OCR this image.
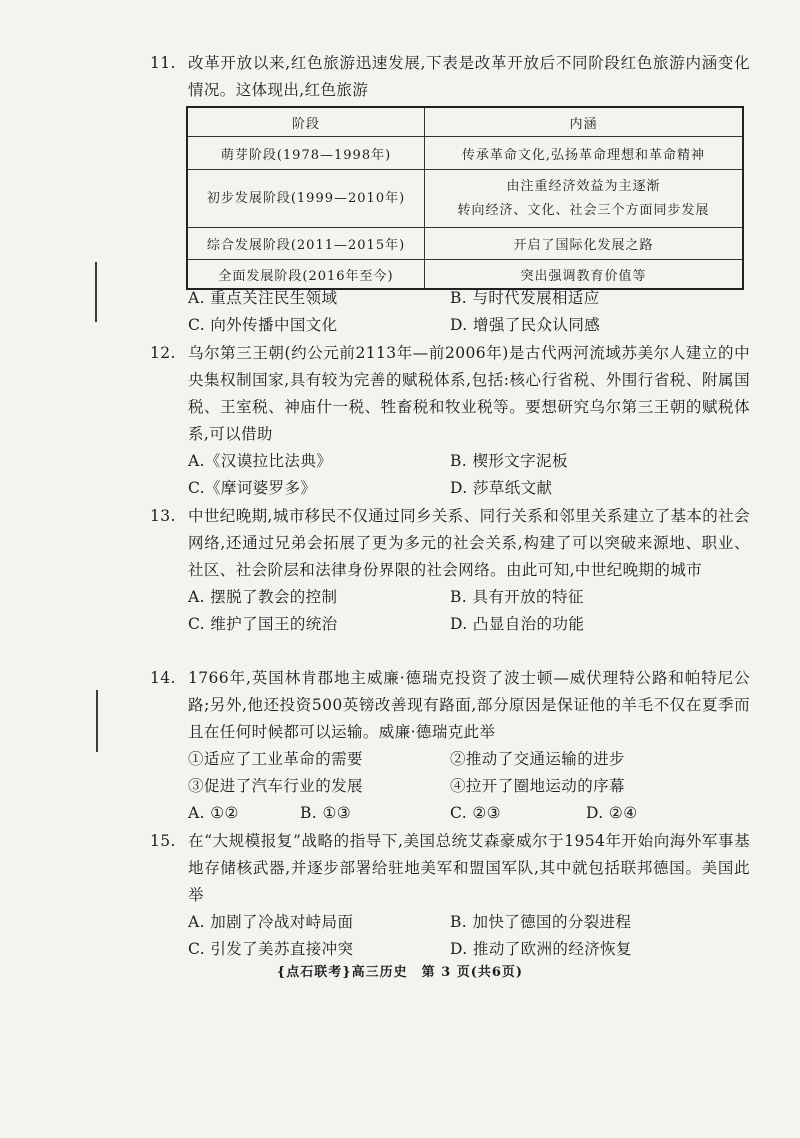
11. 改革开放以来,红色旅游迅速发展,下表是改革开放后不同阶段红色旅游内涵变化情况。这体现出,红色旅游
阶段	内涵
萌芽阶段(1978—1998年)	传承革命文化,弘扬革命理想和革命精神
初步发展阶段(1999—2010年)	由注重经济效益为主逐渐
转向经济、文化、社会三个方面同步发展

综合发展阶段(2011—2015年)	开启了国际化发展之路
全面发展阶段(2016年至今)	突出强调教育价值等
A. 重点关注民生领域	B. 与时代发展相适应
C. 向外传播中国文化	D. 增强了民众认同感
12. 乌尔第三王朝(约公元前2113年—前2006年)是古代两河流域苏美尔人建立的中央集权制国家,具有较为完善的赋税体系,包括:核心行省税、外围行省税、附属国税、王室税、神庙什一税、牲畜税和牧业税等。要想研究乌尔第三王朝的赋税体系,可以借助
A.《汉谟拉比法典》	B. 楔形文字泥板
C.《摩诃婆罗多》	D. 莎草纸文献
13. 中世纪晚期,城市移民不仅通过同乡关系、同行关系和邻里关系建立了基本的社会网络,还通过兄弟会拓展了更为多元的社会关系,构建了可以突破来源地、职业、社区、社会阶层和法律身份界限的社会网络。由此可知,中世纪晚期的城市
A. 摆脱了教会的控制	B. 具有开放的特征
C. 维护了国王的统治	D. 凸显自治的功能
14. 1766年,英国林肯郡地主威廉·德瑞克投资了波士顿—威伏理特公路和帕特尼公路;另外,他还投资500英镑改善现有路面,部分原因是保证他的羊毛不仅在夏季而且在任何时候都可以运输。威廉·德瑞克此举
①适应了工业革命的需要	②推动了交通运输的进步
③促进了汽车行业的发展	④拉开了圈地运动的序幕
A. ①②	B. ①③	C. ②③	D. ②④
15. 在“大规模报复”战略的指导下,美国总统艾森豪威尔于1954年开始向海外军事基地存储核武器,并逐步部署给驻地美军和盟国军队,其中就包括联邦德国。美国此举
A. 加剧了冷战对峙局面	B. 加快了德国的分裂进程
C. 引发了美苏直接冲突	D. 推动了欧洲的经济恢复
{点石联考}高三历史　第 3 页(共6页)
